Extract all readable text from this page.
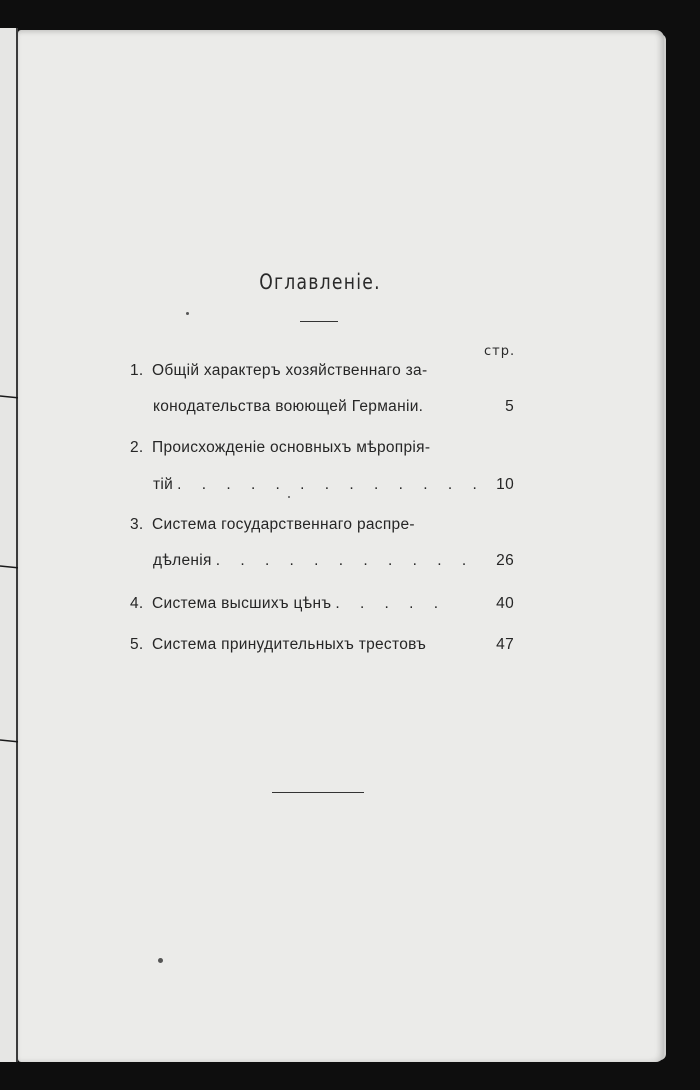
Оглавленіе.
стр.
1. Общій характеръ хозяйственнаго за-
конодательства воюющей Германіи.	5
2. Происхожденіе основныхъ мѣропрія-
тій . . . . . . . . . . . . . 10
3. Система государственнаго распре-
дѣленія . . . . . . . . . . . 26
4. Система высшихъ цѣнъ . . . . .	40
5. Система принудительныхъ трестовъ	47
